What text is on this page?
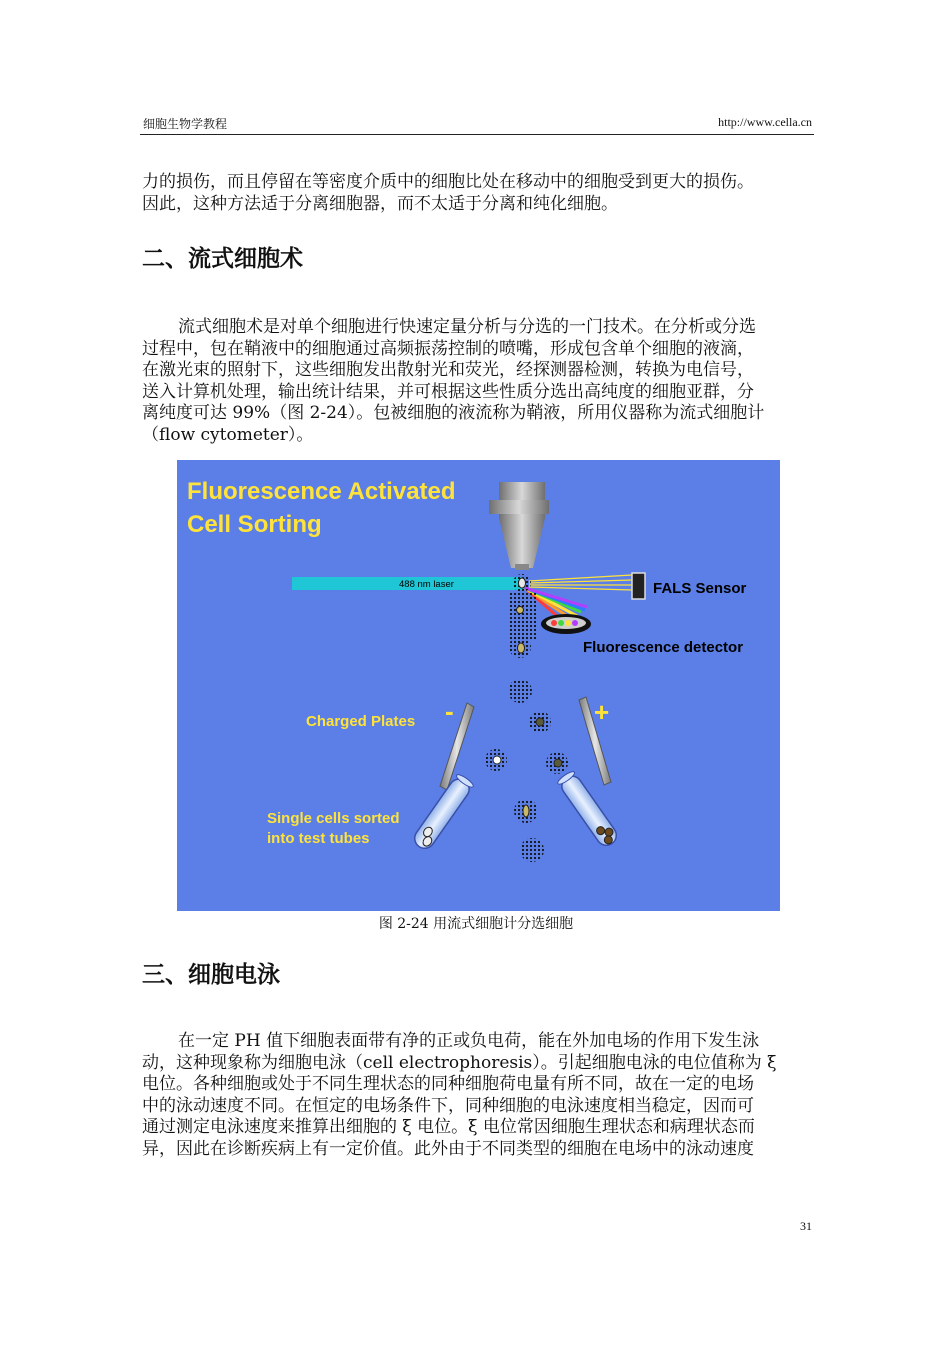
细胞生物学教程	http://www.cella.cn
力的损伤，而且停留在等密度介质中的细胞比处在移动中的细胞受到更大的损伤。
因此，这种方法适于分离细胞器，而不太适于分离和纯化细胞。
二、流式细胞术
流式细胞术是对单个细胞进行快速定量分析与分选的一门技术。在分析或分选
过程中，包在鞘液中的细胞通过高频振荡控制的喷嘴，形成包含单个细胞的液滴，
在激光束的照射下，这些细胞发出散射光和荧光，经探测器检测，转换为电信号，
送入计算机处理，输出统计结果，并可根据这些性质分选出高纯度的细胞亚群，分
离纯度可达 99%（图 2-24）。包被细胞的液流称为鞘液，所用仪器称为流式细胞计
（flow cytometer）。
Fluorescence Activated
Cell Sorting
488 nm laser	FALS Sensor
Fluorescence detector
Charged Plates -	+
Single cells sorted
into test tubes
图 2-24 用流式细胞计分选细胞
三、细胞电泳
在一定 PH 值下细胞表面带有净的正或负电荷，能在外加电场的作用下发生泳
动，这种现象称为细胞电泳（cell electrophoresis）。引起细胞电泳的电位值称为 ξ
电位。各种细胞或处于不同生理状态的同种细胞荷电量有所不同，故在一定的电场
中的泳动速度不同。在恒定的电场条件下，同种细胞的电泳速度相当稳定，因而可
通过测定电泳速度来推算出细胞的 ξ 电位。ξ 电位常因细胞生理状态和病理状态而
异，因此在诊断疾病上有一定价值。此外由于不同类型的细胞在电场中的泳动速度
31
